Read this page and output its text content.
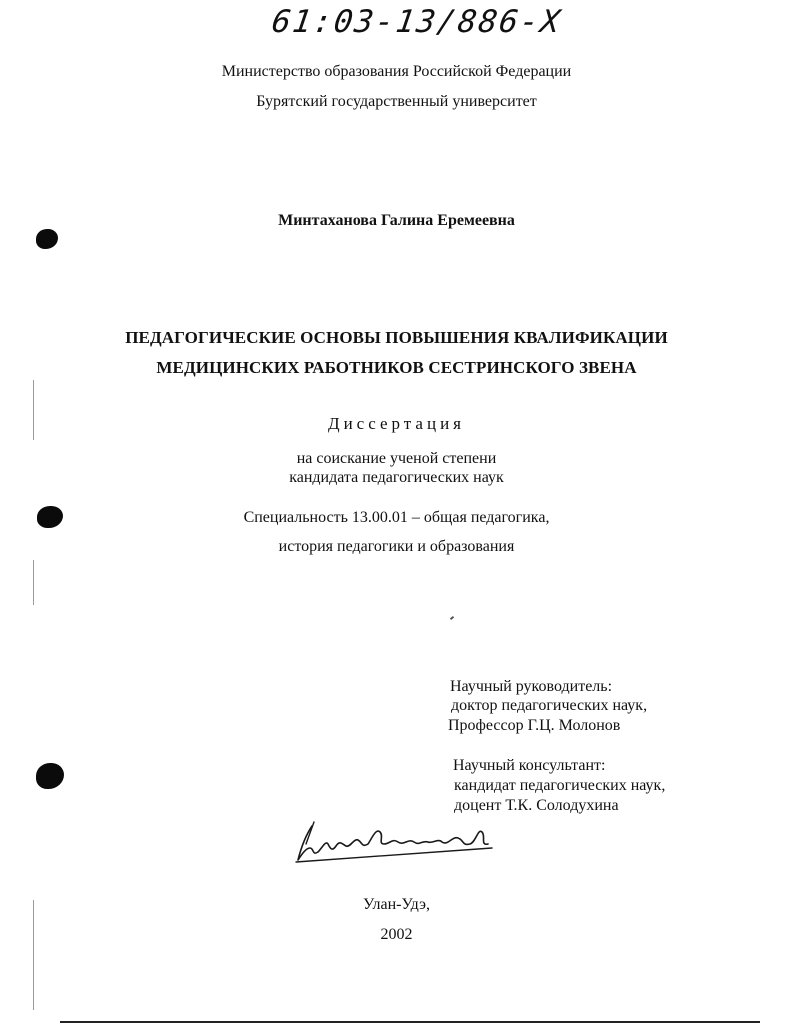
61:03-13/886-X
Министерство образования Российской Федерации
Бурятский государственный университет
Минтаханова Галина Еремеевна
ПЕДАГОГИЧЕСКИЕ ОСНОВЫ ПОВЫШЕНИЯ КВАЛИФИКАЦИИ
МЕДИЦИНСКИХ РАБОТНИКОВ СЕСТРИНСКОГО ЗВЕНА
Диссертация
на соискание ученой степени
кандидата педагогических наук
Специальность 13.00.01 – общая педагогика,
история педагогики и образования
Научный руководитель:
доктор педагогических наук,
Профессор Г.Ц. Молонов
Научный консультант:
кандидат педагогических наук,
доцент Т.К. Солодухина
Улан-Удэ,
2002
